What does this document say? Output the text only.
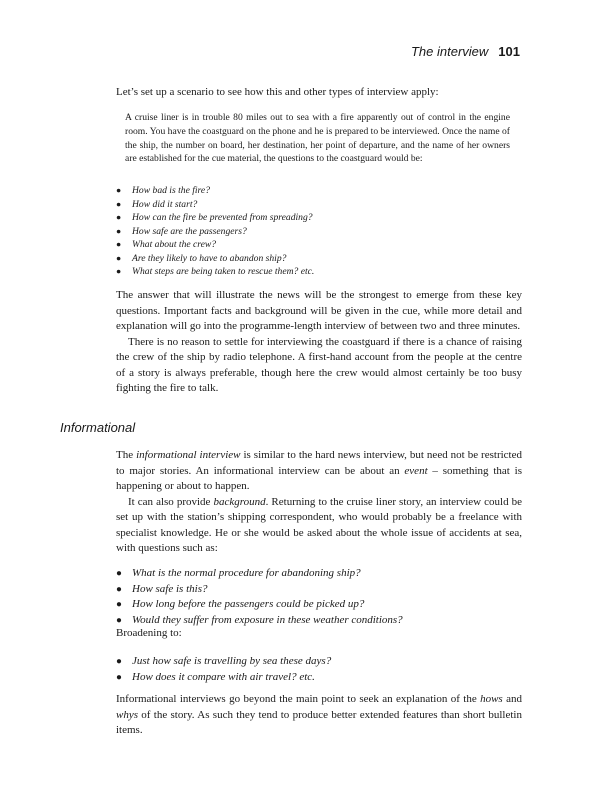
The interview 101
Let’s set up a scenario to see how this and other types of interview apply:
A cruise liner is in trouble 80 miles out to sea with a fire apparently out of control in the engine room. You have the coastguard on the phone and he is prepared to be interviewed. Once the name of the ship, the number on board, her destination, her point of departure, and the name of her owners are established for the cue material, the questions to the coastguard would be:
● How bad is the fire?
● How did it start?
● How can the fire be prevented from spreading?
● How safe are the passengers?
● What about the crew?
● Are they likely to have to abandon ship?
● What steps are being taken to rescue them? etc.

The answer that will illustrate the news will be the strongest to emerge from these key questions. Important facts and background will be given in the cue, while more detail and explanation will go into the programme-length interview of between two and three minutes.

There is no reason to settle for interviewing the coastguard if there is a chance of raising the crew of the ship by radio telephone. A first-hand account from the people at the centre of a story is always preferable, though here the crew would almost certainly be too busy fighting the fire to talk.

Informational

The informational interview is similar to the hard news interview, but need not be restricted to major stories. An informational interview can be about an event – something that is happening or about to happen.

It can also provide background. Returning to the cruise liner story, an interview could be set up with the station’s shipping correspondent, who would probably be a freelance with specialist knowledge. He or she would be asked about the whole issue of accidents at sea, with questions such as:

● What is the normal procedure for abandoning ship?
● How safe is this?
● How long before the passengers could be picked up?
● Would they suffer from exposure in these weather conditions?
Broadening to:
● Just how safe is travelling by sea these days?
● How does it compare with air travel? etc.
Informational interviews go beyond the main point to seek an explanation of the hows and whys of the story. As such they tend to produce better extended features than short bulletin items.
